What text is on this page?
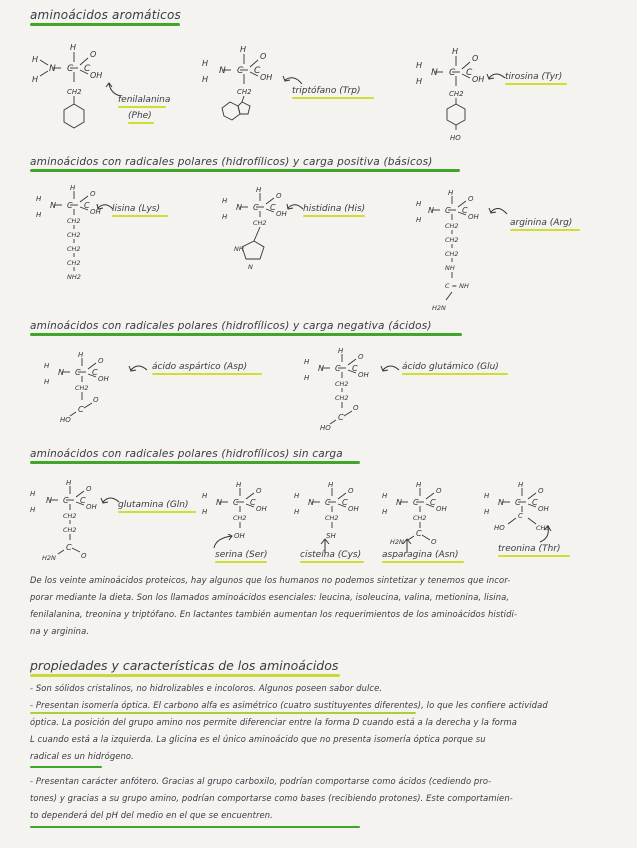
aminoácidos aromáticos
H
H
H
N C C
O
OH
CH2
fenilalanina
(Phe)
H
H
H
N C C
O
OH
CH2	triptófano (Trp)
H
H
H
N C C
O
OH
CH2
HO
tirosina (Tyr)
aminoácidos con radicales polares (hidrofílicos) y carga positiva (básicos)
H
H
H
N C C
O
OH
CH2
CH2
CH2
CH2
NH2
lisina (Lys)
H
H
H
N C C
O
OH
CH2
NH
N
histidina (His)
H
H
H
N C C
O
OH
CH2
CH2
CH2
NH
C = NH
H2N
arginina (Arg)
aminoácidos con radicales polares (hidrofílicos) y carga negativa (ácidos)
H
H
H
N C C
O
OH
CH2
C
O
HO
ácido aspártico (Asp)
H
H
H
N C C
O
OH
CH2
CH2
C
O
HO
ácido glutámico (Glu)
aminoácidos con radicales polares (hidrofílicos) sin carga
H
H
H
N C C
O
OH
CH2
CH2
C
O
H2N
glutamina (Gln)
H
H
H
N C C
O
OH
CH2
OH
serina (Ser)
H
H
H
N C C
O
OH
CH2
SH
cisteína (Cys)
H
H
H
N C C
O
OH
CH2
C
O
H2N
asparagina (Asn)
H
H
H
N C C
O
OH
C
HO	CH3
treonina (Thr)

De los veinte aminoácidos proteicos, hay algunos que los humanos no podemos sintetizar y tenemos que incor-

porar mediante la dieta. Son los llamados aminoácidos esenciales: leucina, isoleucina, valina, metionina, lisina,

fenilalanina, treonina y triptófano. En lactantes también aumentan los requerimientos de los aminoácidos histidi-

na y arginina.

propiedades y características de los aminoácidos

- Son sólidos cristalinos, no hidrolizables e incoloros. Algunos poseen sabor dulce.

- Presentan isomería óptica. El carbono alfa es asimétrico (cuatro sustituyentes diferentes), lo que les confiere actividad

óptica. La posición del grupo amino nos permite diferenciar entre la forma D cuando está a la derecha y la forma

L cuando está a la izquierda. La glicina es el único aminoácido que no presenta isomería óptica porque su

radical es un hidrógeno.

- Presentan carácter anfótero. Gracias al grupo carboxilo, podrían comportarse como ácidos (cediendo pro-

tones) y gracias a su grupo amino, podrían comportarse como bases (recibiendo protones). Este comportamien-

to dependerá del pH del medio en el que se encuentren.
